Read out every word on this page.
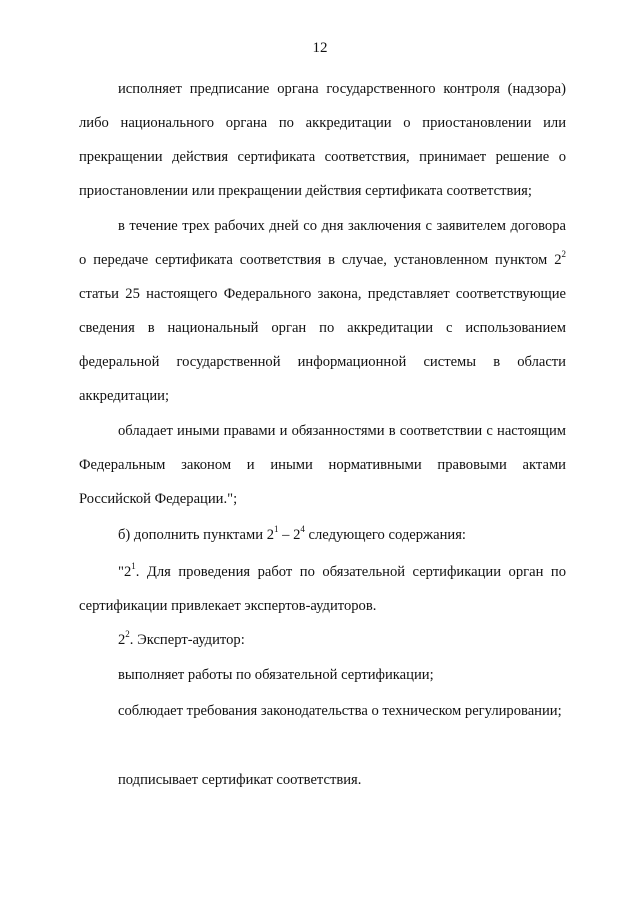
12

исполняет предписание органа государственного контроля (надзора) либо национального органа по аккредитации о приостановлении или прекращении действия сертификата соответствия, принимает решение о приостановлении или прекращении действия сертификата соответствия;

в течение трех рабочих дней со дня заключения с заявителем договора о передаче сертификата соответствия в случае, установленном пунктом $2^2$ статьи 25 настоящего Федерального закона, представляет соответствующие сведения в национальный орган по аккредитации с использованием федеральной государственной информационной системы в области аккредитации;

обладает иными правами и обязанностями в соответствии с настоящим Федеральным законом и иными нормативными правовыми актами Российской Федерации.";

б) дополнить пунктами $2^1 - 2^4$ следующего содержания:

"$2^1$. Для проведения работ по обязательной сертификации орган по сертификации привлекает экспертов-аудиторов.

$2^2$. Эксперт-аудитор:

выполняет работы по обязательной сертификации;

соблюдает требования законодательства о техническом регулировании;

подписывает сертификат соответствия.
